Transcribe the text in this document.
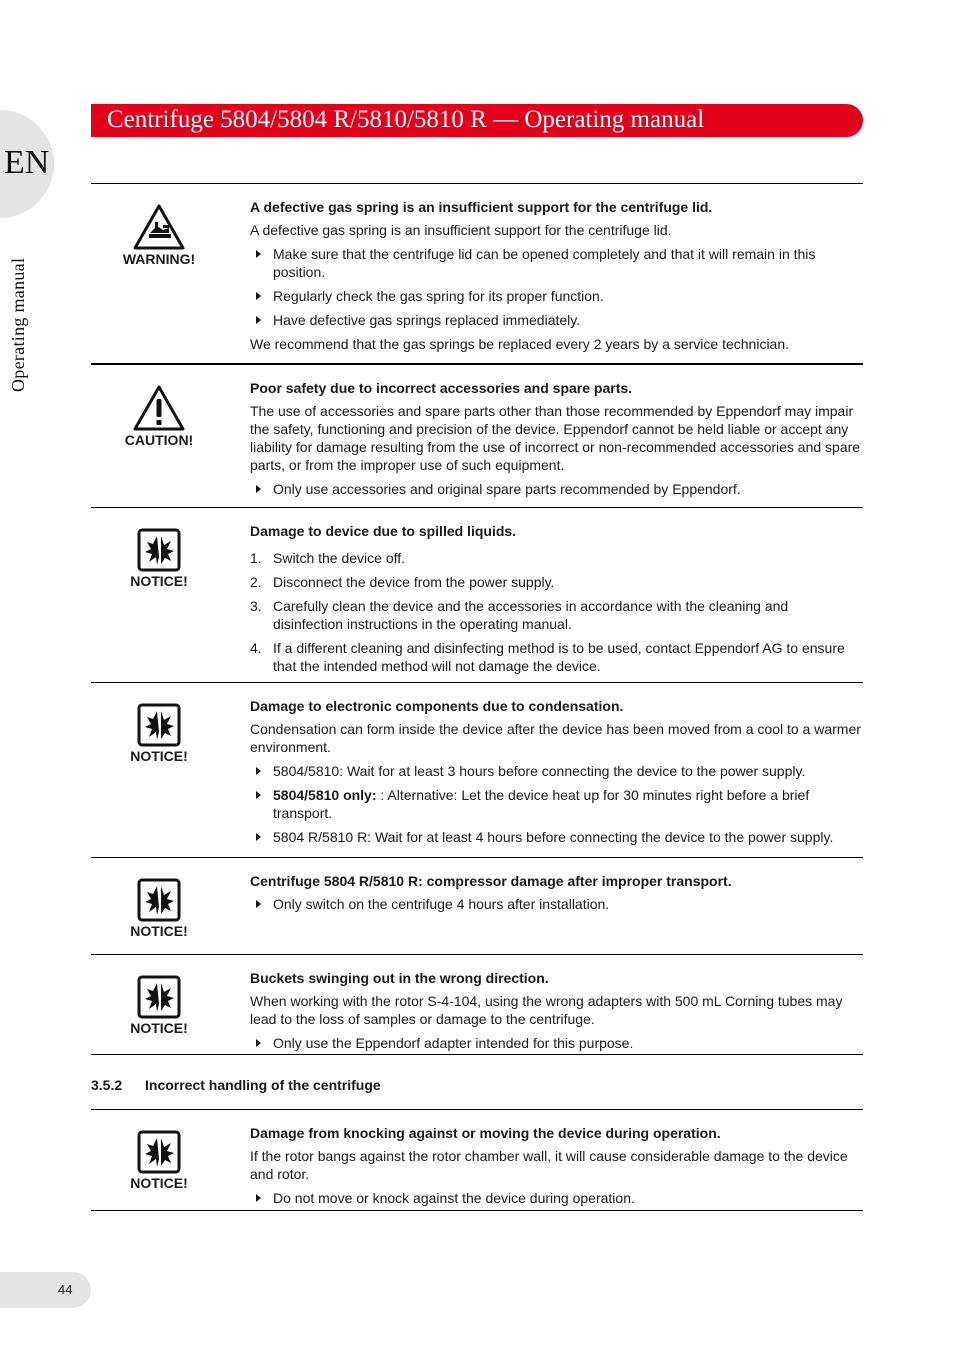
EN
Operating manual
Centrifuge 5804/5804 R/5810/5810 R — Operating manual
WARNING!

A defective gas spring is an insufficient support for the centrifuge lid.

A defective gas spring is an insufficient support for the centrifuge lid.

Make sure that the centrifuge lid can be opened completely and that it will remain in this position.
Regularly check the gas spring for its proper function.
Have defective gas springs replaced immediately.

We recommend that the gas springs be replaced every 2 years by a service technician.

CAUTION!

Poor safety due to incorrect accessories and spare parts.

The use of accessories and spare parts other than those recommended by Eppendorf may impair the safety, functioning and precision of the device. Eppendorf cannot be held liable or accept any liability for damage resulting from the use of incorrect or non-recommended accessories and spare parts, or from the improper use of such equipment.

Only use accessories and original spare parts recommended by Eppendorf.
NOTICE!

Damage to device due to spilled liquids.

1. Switch the device off.
2. Disconnect the device from the power supply.
3. Carefully clean the device and the accessories in accordance with the cleaning and disinfection instructions in the operating manual.
4. If a different cleaning and disinfecting method is to be used, contact Eppendorf AG to ensure that the intended method will not damage the device.
NOTICE!

Damage to electronic components due to condensation.

Condensation can form inside the device after the device has been moved from a cool to a warmer environment.

5804/5810: Wait for at least 3 hours before connecting the device to the power supply.
5804/5810 only: : Alternative: Let the device heat up for 30 minutes right before a brief transport.
5804 R/5810 R: Wait for at least 4 hours before connecting the device to the power supply.
NOTICE!

Centrifuge 5804 R/5810 R: compressor damage after improper transport.

Only switch on the centrifuge 4 hours after installation.
NOTICE!

Buckets swinging out in the wrong direction.

When working with the rotor S-4-104, using the wrong adapters with 500 mL Corning tubes may lead to the loss of samples or damage to the centrifuge.

Only use the Eppendorf adapter intended for this purpose.
3.5.2 Incorrect handling of the centrifuge
NOTICE!

Damage from knocking against or moving the device during operation.

If the rotor bangs against the rotor chamber wall, it will cause considerable damage to the device and rotor.

Do not move or knock against the device during operation.
44
